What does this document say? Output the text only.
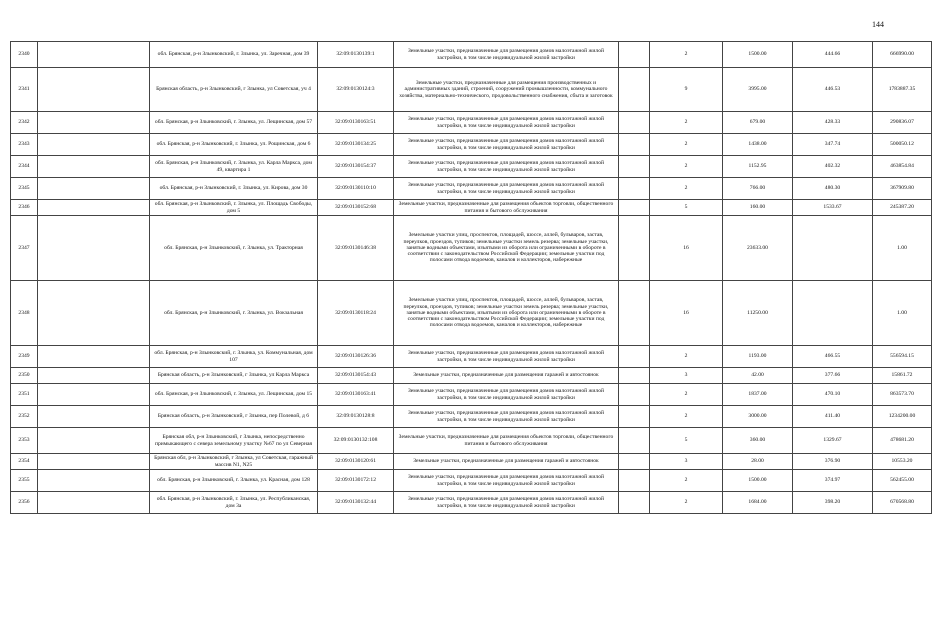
144
2340		обл. Брянская, р-н Злынковский, г. Злынка, ул. Заречная, дом 39	32:09:0130139:1	Земельные участки, предназначенные для размещения домов малоэтажной жилой застройки, в том числе индивидуальной жилой застройки		2	1500.00	444.66	666990.00
2341		Брянская область, р-н Злынковский, г Злынка, ул Советская, уч 4	32:09:0130124:3	Земельные участки, предназначенные для размещения производственных и административных зданий, строений, сооружений промышленности, коммунального хозяйства, материально-технического, продовольственного снабжения, сбыта и заготовок		9	3995.00	446.53	1783887.35
2342		обл. Брянская, р-н Злынковский, г. Злынка, ул. Лещинская, дом 57	32:09:0130163:51	Земельные участки, предназначенные для размещения домов малоэтажной жилой застройки, в том числе индивидуальной жилой застройки		2	679.00	428.33	290836.07
2343		обл. Брянская, р-н Злынковский, г. Злынка, ул. Рощинская, дом 6	32:09:0130134:25	Земельные участки, предназначенные для размещения домов малоэтажной жилой застройки, в том числе индивидуальной жилой застройки		2	1438.00	347.74	500050.12
2344		обл. Брянская, р-н Злынковский, г. Злынка, ул. Карла Маркса, дом 49, квартира 1	32:09:0130154:37	Земельные участки, предназначенные для размещения домов малоэтажной жилой застройки, в том числе индивидуальной жилой застройки		2	1152.95	402.32	463854.84
2345		обл. Брянская, р-н Злынковский, г. Злынка, ул. Кирова, дом 30	32:09:0130110:10	Земельные участки, предназначенные для размещения домов малоэтажной жилой застройки, в том числе индивидуальной жилой застройки		2	766.00	480.30	367909.80
2346		обл. Брянская, р-н Злынковский, г. Злынка, ул. Площадь Свободы, дом 5	32:09:0130152:68	Земельные участки, предназначенные для размещения объектов торговли, общественного питания и бытового обслуживания		5	160.00	1533.67	245387.20
2347		обл. Брянская, р-н Злынковский, г. Злынка, ул. Тракторная	32:09:0130146:38	Земельные участки улиц, проспектов, площадей, шоссе, аллей, бульваров, застав, переулков, проездов, тупиков; земельные участки земель резерва; земельные участки, занятые водными объектами, изъятыми из оборота или ограниченными в обороте в соответствии с законодательством Российской Федерации; земельные участки под полосами отвода водоемов, каналов и коллекторов, набережные		16	23633.00		1.00
2348		обл. Брянская, р-н Злынковский, г. Злынка, ул. Вокзальная	32:09:0130118:24	Земельные участки улиц, проспектов, площадей, шоссе, аллей, бульваров, застав, переулков, проездов, тупиков; земельные участки земель резерва; земельные участки, занятые водными объектами, изъятыми из оборота или ограниченными в обороте в соответствии с законодательством Российской Федерации; земельные участки под полосами отвода водоемов, каналов и коллекторов, набережные		16	11250.00		1.00
2349		обл. Брянская, р-н Злынковский, г. Злынка, ул. Коммунальная, дом 107	32:09:0130126:36	Земельные участки, предназначенные для размещения домов малоэтажной жилой застройки, в том числе индивидуальной жилой застройки		2	1193.00	466.55	556594.15
2350		Брянская область, р-н Злынковский, г Злынка, ул Карла Маркса	32:09:0130154:43	Земельные участки, предназначенные для размещения гаражей и автостоянок		3	42.00	377.66	15861.72
2351		обл. Брянская, р-н Злынковский, г. Злынка, ул. Лещинская, дом 15	32:09:0130163:41	Земельные участки, предназначенные для размещения домов малоэтажной жилой застройки, в том числе индивидуальной жилой застройки		2	1837.00	470.10	863573.70
2352		Брянская область, р-н Злынковский, г Злынка, пер Полевой, д 6	32:09:0130128:8	Земельные участки, предназначенные для размещения домов малоэтажной жилой застройки, в том числе индивидуальной жилой застройки		2	3000.00	411.40	1234200.00
2353		Брянская обл, р-н Злынковский, г Злынка, непосредственно примыкающего с севера земельному участку №67 по ул Северная	32:09:0130132:108	Земельные участки, предназначенные для размещения объектов торговли, общественного питания и бытового обслуживания		5	360.00	1329.67	478681.20
2354		Брянская обл, р-н Злынковский, г Злынка, ул Советская, гаражный массив N1, N25	32:09:0130120:61	Земельные участки, предназначенные для размещения гаражей и автостоянок		3	28.00	376.90	10553.20
2355		обл. Брянская, р-н Злынковский, г. Злынка, ул. Красная, дом 128	32:09:0130172:12	Земельные участки, предназначенные для размещения домов малоэтажной жилой застройки, в том числе индивидуальной жилой застройки		2	1500.00	374.97	562455.00
2356		обл. Брянская, р-н Злынковский, г. Злынка, ул. Республиканская, дом 3а	32:09:0130132:44	Земельные участки, предназначенные для размещения домов малоэтажной жилой застройки, в том числе индивидуальной жилой застройки		2	1684.00	398.20	670568.80
